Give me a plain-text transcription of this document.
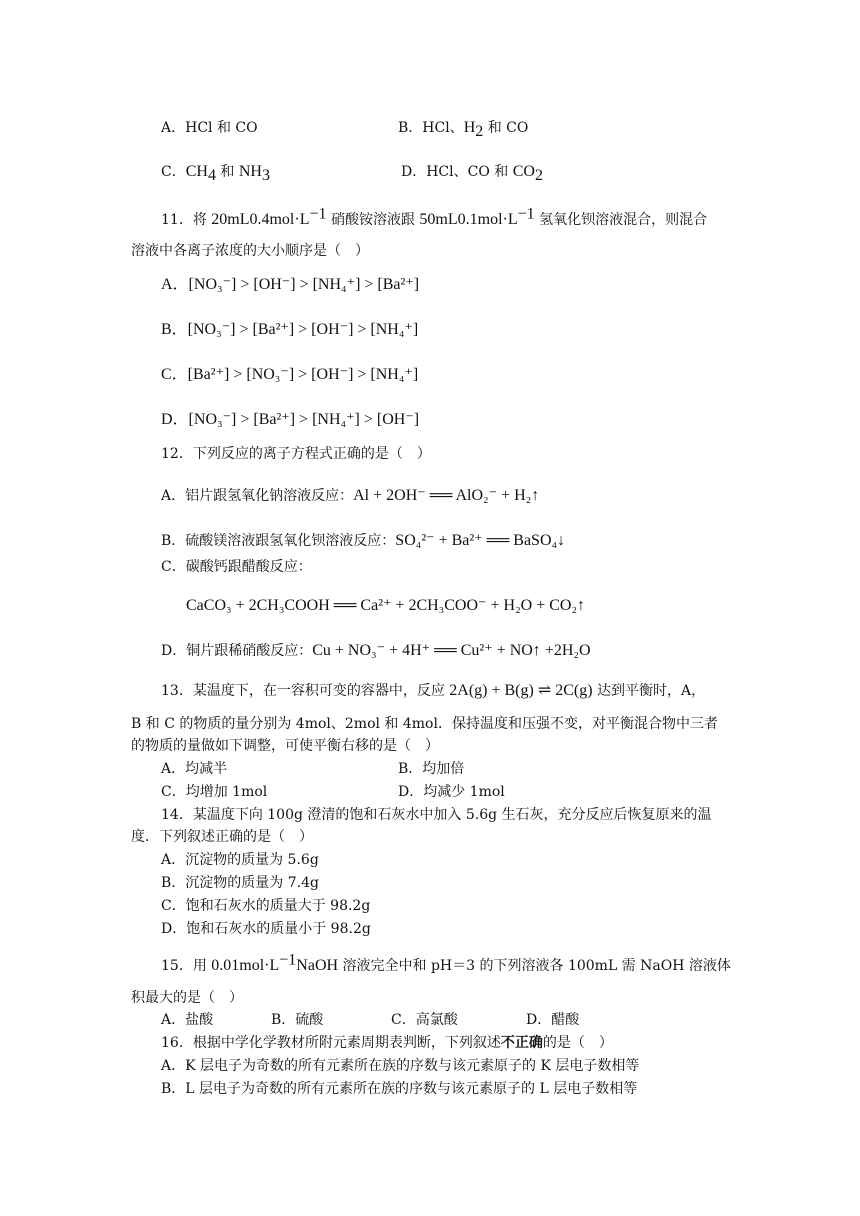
A．HCl 和 CO	B．HCl、$H_2$ 和 CO
C．$CH_4$ 和 $NH_3$	D．HCl、CO 和 $CO_2$
11．将 $20mL0.4mol\cdot L^{-1}$ 硝酸铵溶液跟 $50mL0.1mol\cdot L^{-1}$ 氢氧化钡溶液混合，则混合
溶液中各离子浓度的大小顺序是（　）
A．[NO₃⁻] > [OH⁻] > [NH₄⁺] > [Ba²⁺]
B．[NO₃⁻] > [Ba²⁺] > [OH⁻] > [NH₄⁺]
C．[Ba²⁺] > [NO₃⁻] > [OH⁻] > [NH₄⁺]
D．[NO₃⁻] > [Ba²⁺] > [NH₄⁺] > [OH⁻]
12．下列反应的离子方程式正确的是（　）
A．铝片跟氢氧化钠溶液反应：Al + 2OH⁻ ══ AlO₂⁻ + H₂↑
B．硫酸镁溶液跟氢氧化钡溶液反应：SO₄²⁻ + Ba²⁺ ══ BaSO₄↓
C．碳酸钙跟醋酸反应：
CaCO₃ + 2CH₃COOH ══ Ca²⁺ + 2CH₃COO⁻ + H₂O + CO₂↑
D．铜片跟稀硝酸反应：Cu + NO₃⁻ + 4H⁺ ══ Cu²⁺ + NO↑ +2H₂O
13．某温度下，在一容积可变的容器中，反应 2A(g) + B(g) ⇌ 2C(g) 达到平衡时，A，
B 和 C 的物质的量分别为 4mol、2mol 和 4mol．保持温度和压强不变，对平衡混合物中三者
的物质的量做如下调整，可使平衡右移的是（　）
A．均减半	B．均加倍
C．均增加 1mol	D．均减少 1mol
14．某温度下向 100g 澄清的饱和石灰水中加入 5.6g 生石灰，充分反应后恢复原来的温
度．下列叙述正确的是（　）
A．沉淀物的质量为 5.6g
B．沉淀物的质量为 7.4g
C．饱和石灰水的质量大于 98.2g
D．饱和石灰水的质量小于 98.2g
15．用 $0.01mol\cdot L^{-1}NaOH$ 溶液完全中和 pH＝3 的下列溶液各 100mL 需 NaOH 溶液体
积最大的是（　）
A．盐酸	B．硫酸	C．高氯酸	D．醋酸
16．根据中学化学教材所附元素周期表判断，下列叙述不正确的是（　）
A．K 层电子为奇数的所有元素所在族的序数与该元素原子的 K 层电子数相等
B．L 层电子为奇数的所有元素所在族的序数与该元素原子的 L 层电子数相等
